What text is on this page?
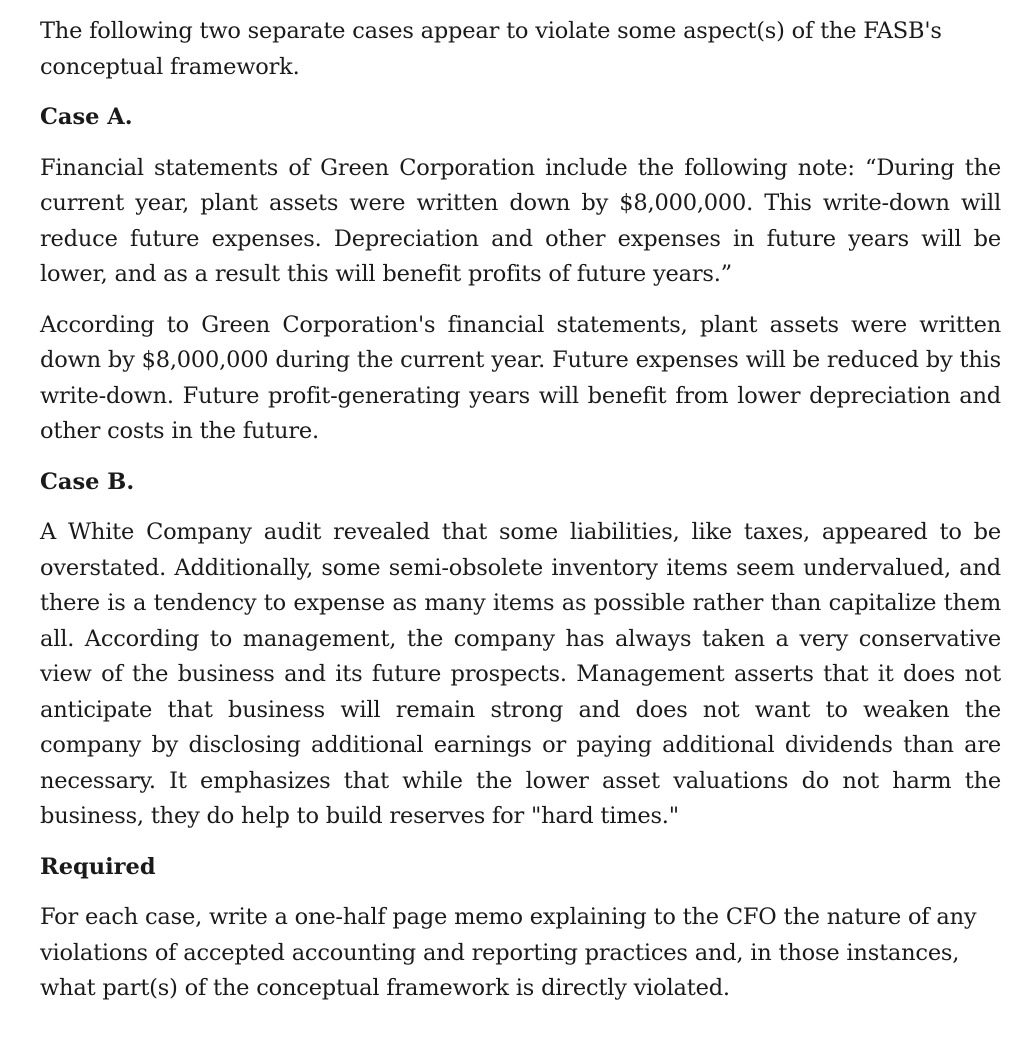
The following two separate cases appear to violate some aspect(s) of the FASB's conceptual framework.

Case A.

Financial statements of Green Corporation include the following note: “During the current year, plant assets were written down by $8,000,000. This write-down will reduce future expenses. Depreciation and other expenses in future years will be lower, and as a result this will benefit profits of future years.”

According to Green Corporation's financial statements, plant assets were written down by $8,000,000 during the current year. Future expenses will be reduced by this write-down. Future profit-generating years will benefit from lower depreciation and other costs in the future.

Case B.

A White Company audit revealed that some liabilities, like taxes, appeared to be overstated. Additionally, some semi-obsolete inventory items seem undervalued, and there is a tendency to expense as many items as possible rather than capitalize them all. According to management, the company has always taken a very conservative view of the business and its future prospects. Management asserts that it does not anticipate that business will remain strong and does not want to weaken the company by disclosing additional earnings or paying additional dividends than are necessary. It emphasizes that while the lower asset valuations do not harm the business, they do help to build reserves for "hard times."

Required

For each case, write a one-half page memo explaining to the CFO the nature of any violations of accepted accounting and reporting practices and, in those instances, what part(s) of the conceptual framework is directly violated.
